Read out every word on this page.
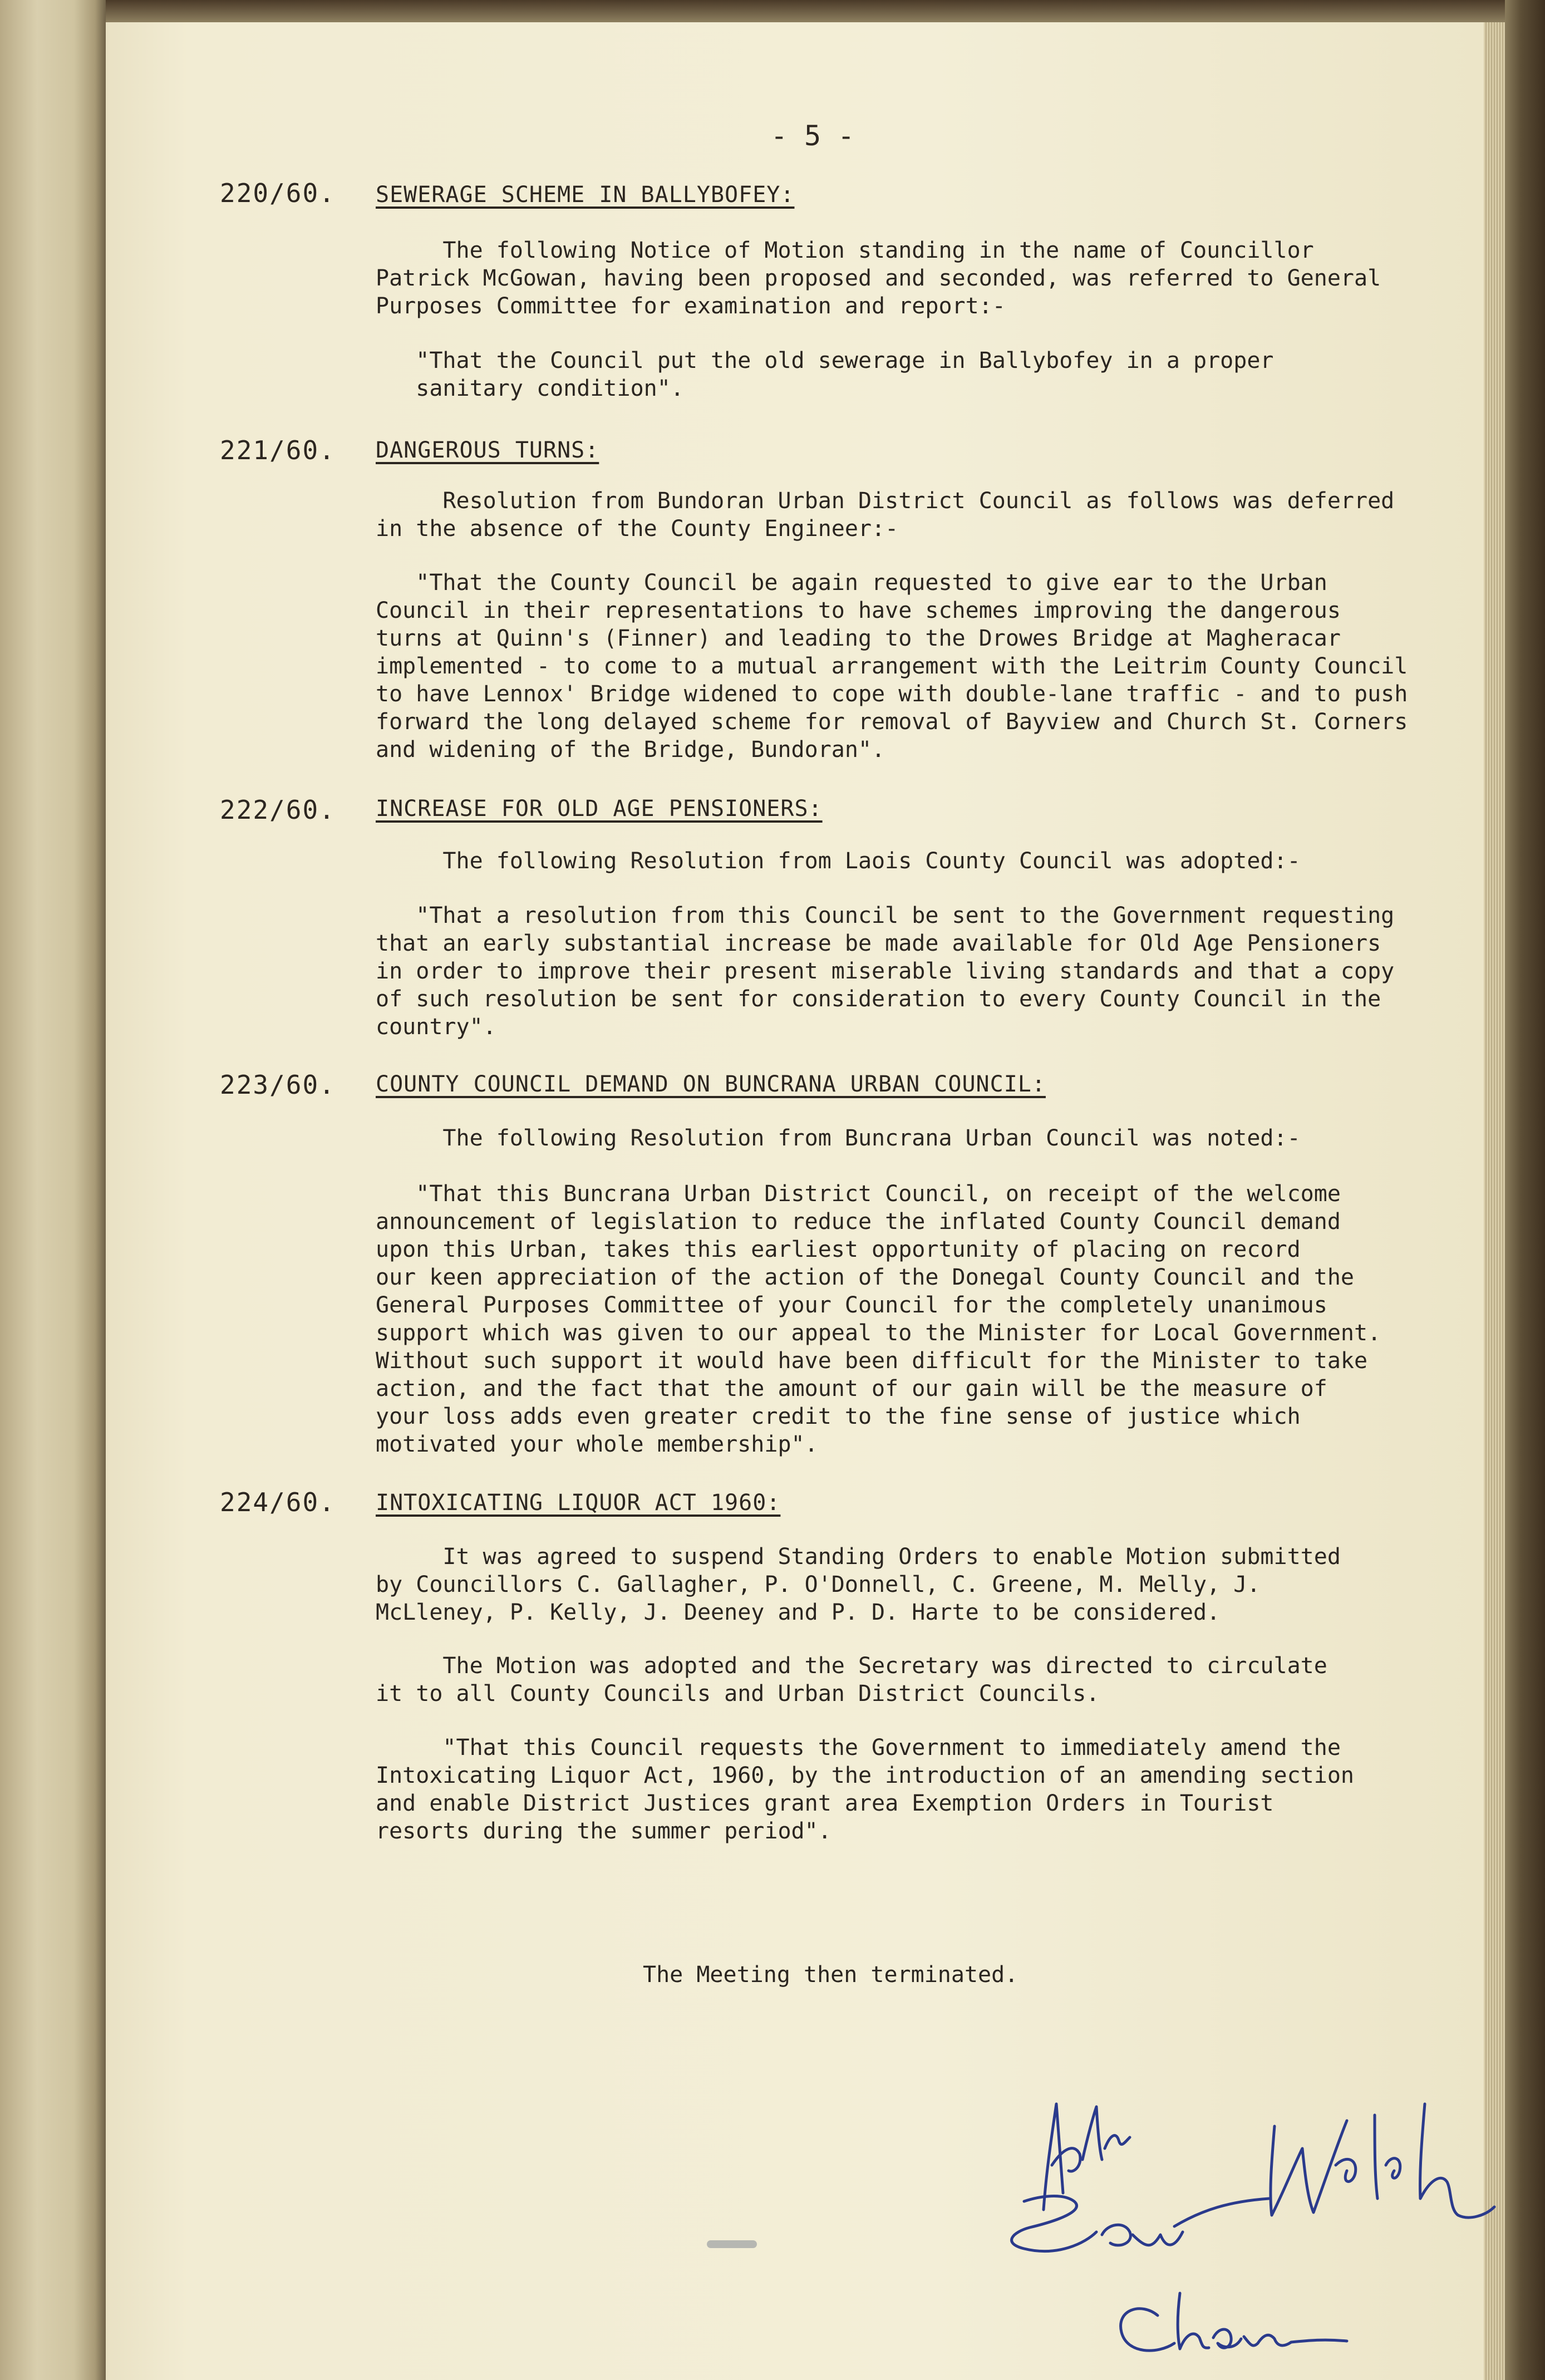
- 5 -
220/60. SEWERAGE SCHEME IN BALLYBOFEY:

The following Notice of Motion standing in the name of Councillor
Patrick McGowan, having been proposed and seconded, was referred to General
Purposes Committee for examination and report:-

"That the Council put the old sewerage in Ballybofey in a proper
sanitary condition".

221/60. DANGEROUS TURNS:

Resolution from Bundoran Urban District Council as follows was deferred
in the absence of the County Engineer:-

"That the County Council be again requested to give ear to the Urban
Council in their representations to have schemes improving the dangerous
turns at Quinn's (Finner) and leading to the Drowes Bridge at Magheracar
implemented - to come to a mutual arrangement with the Leitrim County Council
to have Lennox' Bridge widened to cope with double-lane traffic - and to push
forward the long delayed scheme for removal of Bayview and Church St. Corners
and widening of the Bridge, Bundoran".

222/60. INCREASE FOR OLD AGE PENSIONERS:

The following Resolution from Laois County Council was adopted:-

"That a resolution from this Council be sent to the Government requesting
that an early substantial increase be made available for Old Age Pensioners
in order to improve their present miserable living standards and that a copy
of such resolution be sent for consideration to every County Council in the
country".

223/60. COUNTY COUNCIL DEMAND ON BUNCRANA URBAN COUNCIL:

The following Resolution from Buncrana Urban Council was noted:-

"That this Buncrana Urban District Council, on receipt of the welcome
announcement of legislation to reduce the inflated County Council demand
upon this Urban, takes this earliest opportunity of placing on record
our keen appreciation of the action of the Donegal County Council and the
General Purposes Committee of your Council for the completely unanimous
support which was given to our appeal to the Minister for Local Government.
Without such support it would have been difficult for the Minister to take
action, and the fact that the amount of our gain will be the measure of
your loss adds even greater credit to the fine sense of justice which
motivated your whole membership".

224/60. INTOXICATING LIQUOR ACT 1960:

It was agreed to suspend Standing Orders to enable Motion submitted
by Councillors C. Gallagher, P. O'Donnell, C. Greene, M. Melly, J.
McLleney, P. Kelly, J. Deeney and P. D. Harte to be considered.

The Motion was adopted and the Secretary was directed to circulate
it to all County Councils and Urban District Councils.

"That this Council requests the Government to immediately amend the
Intoxicating Liquor Act, 1960, by the introduction of an amending section
and enable District Justices grant area Exemption Orders in Tourist
resorts during the summer period".

The Meeting then terminated.
